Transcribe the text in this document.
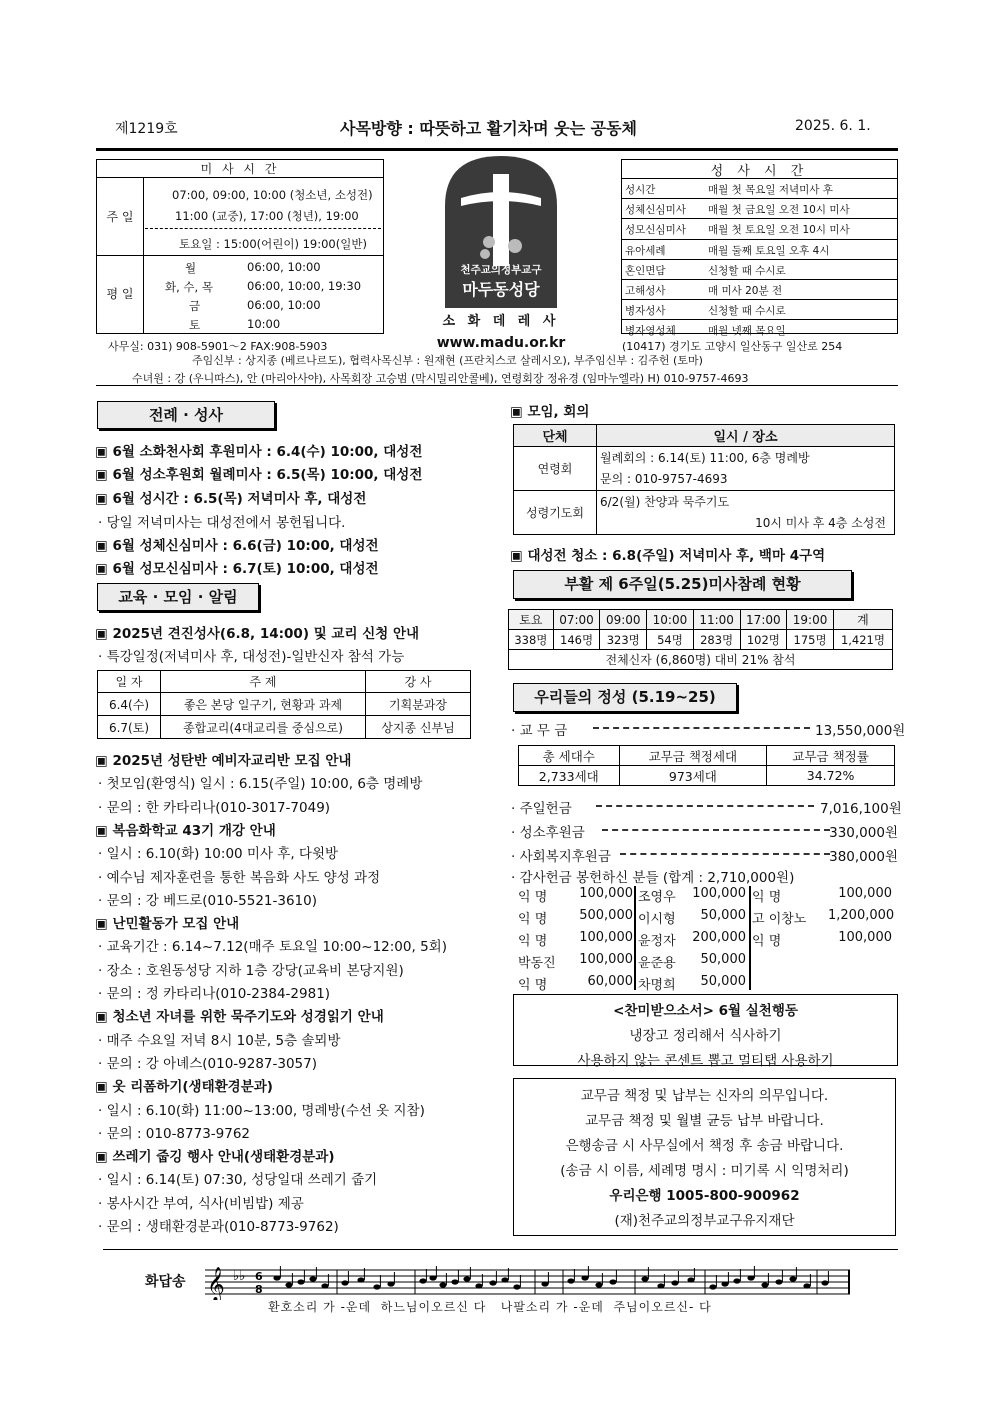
제1219호	사목방향 : 따뜻하고 활기차며 웃는 공동체	2025. 6. 1.
미 사 시 간
주 일
07:00, 09:00, 10:00 (청소년, 소성전)
11:00 (교중), 17:00 (청년), 19:00
토요일 : 15:00(어린이) 19:00(일반)
평 일
월	06:00, 10:00
화, 수, 목	06:00, 10:00, 19:30
금	06:00, 10:00
토	10:00
천주교의정부교구
마두동성당
소 화 데 레 사
www.madu.or.kr
성 사 시 간
성시간	매월 첫 목요일 저녁미사 후
성체신심미사 매월 첫 금요일 오전 10시 미사
성모신심미사 매월 첫 토요일 오전 10시 미사
유아세례	매월 둘째 토요일 오후 4시
혼인면담	신청할 때 수시로
고해성사	매 미사 20분 전
병자성사	신청할 때 수시로
병자영성체	매월 넷째 목요일
사무실: 031) 908-5901～2 FAX:908-5903	(10417) 경기도 고양시 일산동구 일산로 254
주임신부 : 상지종 (베르나르도), 협력사목신부 : 원재현 (프란치스코 살레시오), 부주임신부 : 김주헌 (토마)
수녀원 : 강 (우니따스), 안 (마리아사야), 사목회장 고승범 (막시밀리안콜베), 연령회장 정유경 (임마누엘라) H) 010-9757-4693
전례 · 성사
▣ 6월 소화천사회 후원미사 : 6.4(수) 10:00, 대성전
▣ 6월 성소후원회 월례미사 : 6.5(목) 10:00, 대성전
▣ 6월 성시간 : 6.5(목) 저녁미사 후, 대성전
· 당일 저녁미사는 대성전에서 봉헌됩니다.
▣ 6월 성체신심미사 : 6.6(금) 10:00, 대성전
▣ 6월 성모신심미사 : 6.7(토) 10:00, 대성전
교육 · 모임 · 알림
▣ 2025년 견진성사(6.8, 14:00) 및 교리 신청 안내
· 특강일정(저녁미사 후, 대성전)-일반신자 참석 가능
일 자	주 제	강 사
6.4(수)	좋은 본당 일구기, 현황과 과제	기획분과장
6.7(토)	종합교리(4대교리를 중심으로)	상지종 신부님
▣ 2025년 성탄반 예비자교리반 모집 안내
· 첫모임(환영식) 일시 : 6.15(주일) 10:00, 6층 명례방
· 문의 : 한 카타리나(010-3017-7049)
▣ 복음화학교 43기 개강 안내
· 일시 : 6.10(화) 10:00 미사 후, 다윗방
· 예수님 제자훈련을 통한 복음화 사도 양성 과정
· 문의 : 강 베드로(010-5521-3610)
▣ 난민활동가 모집 안내
· 교육기간 : 6.14~7.12(매주 토요일 10:00~12:00, 5회)
· 장소 : 호원동성당 지하 1층 강당(교육비 본당지원)
· 문의 : 정 카타리나(010-2384-2981)
▣ 청소년 자녀를 위한 묵주기도와 성경읽기 안내
· 매주 수요일 저녁 8시 10분, 5층 솔뫼방
· 문의 : 강 아녜스(010-9287-3057)
▣ 옷 리폼하기(생태환경분과)
· 일시 : 6.10(화) 11:00~13:00, 명례방(수선 옷 지참)
· 문의 : 010-8773-9762
▣ 쓰레기 줍깅 행사 안내(생태환경분과)
· 일시 : 6.14(토) 07:30, 성당일대 쓰레기 줍기
· 봉사시간 부여, 식사(비빔밥) 제공
· 문의 : 생태환경분과(010-8773-9762)
▣ 모임, 회의
단체	일시 / 장소
연령회	월례회의 : 6.14(토) 11:00, 6층 명례방
문의 : 010-9757-4693

성령기도회	6/2(월) 찬양과 묵주기도
10시 미사 후 4층 소성전
▣ 대성전 청소 : 6.8(주일) 저녁미사 후, 백마 4구역
부활 제 6주일(5.25)미사참례 현황
토요	07:00	09:00	10:00	11:00	17:00	19:00	계
338명	146명	323명	54명	283명	102명	175명	1,421명
전체신자 (6,860명) 대비 21% 참석							
우리들의 정성 (5.19~25)
· 교 무 금	13,550,000원
총 세대수	교무금 책정세대	교무금 책정률
2,733세대	973세대	34.72%
· 주일헌금	7,016,100원
· 성소후원금	330,000원
· 사회복지후원금	380,000원
· 감사헌금 봉헌하신 분들 (합계 : 2,710,000원)
익 명	100,000 조영우	100,000 익 명	100,000
익 명	500,000 이시형	50,000 고 이창노 1,200,000
익 명	100,000 윤정자	200,000 익 명	100,000
박동진	100,000 윤준용	50,000
익 명	60,000 차명희	50,000
<찬미받으소서> 6월 실천행동
냉장고 정리해서 식사하기
사용하지 않는 콘센트 뽑고 멀티탭 사용하기
교무금 책정 및 납부는 신자의 의무입니다.
교무금 책정 및 월별 균등 납부 바랍니다.
은행송금 시 사무실에서 책정 후 송금 바랍니다.
(송금 시 이름, 세례명 명시 : 미기록 시 익명처리)
우리은행 1005-800-900962
(재)천주교의정부교구유지재단
화답송 𝄞 ♭♭ 6
8
환호소리 가 -운데  하느님이오르신 다   나팔소리 가 -운데  주님이오르신- 다
